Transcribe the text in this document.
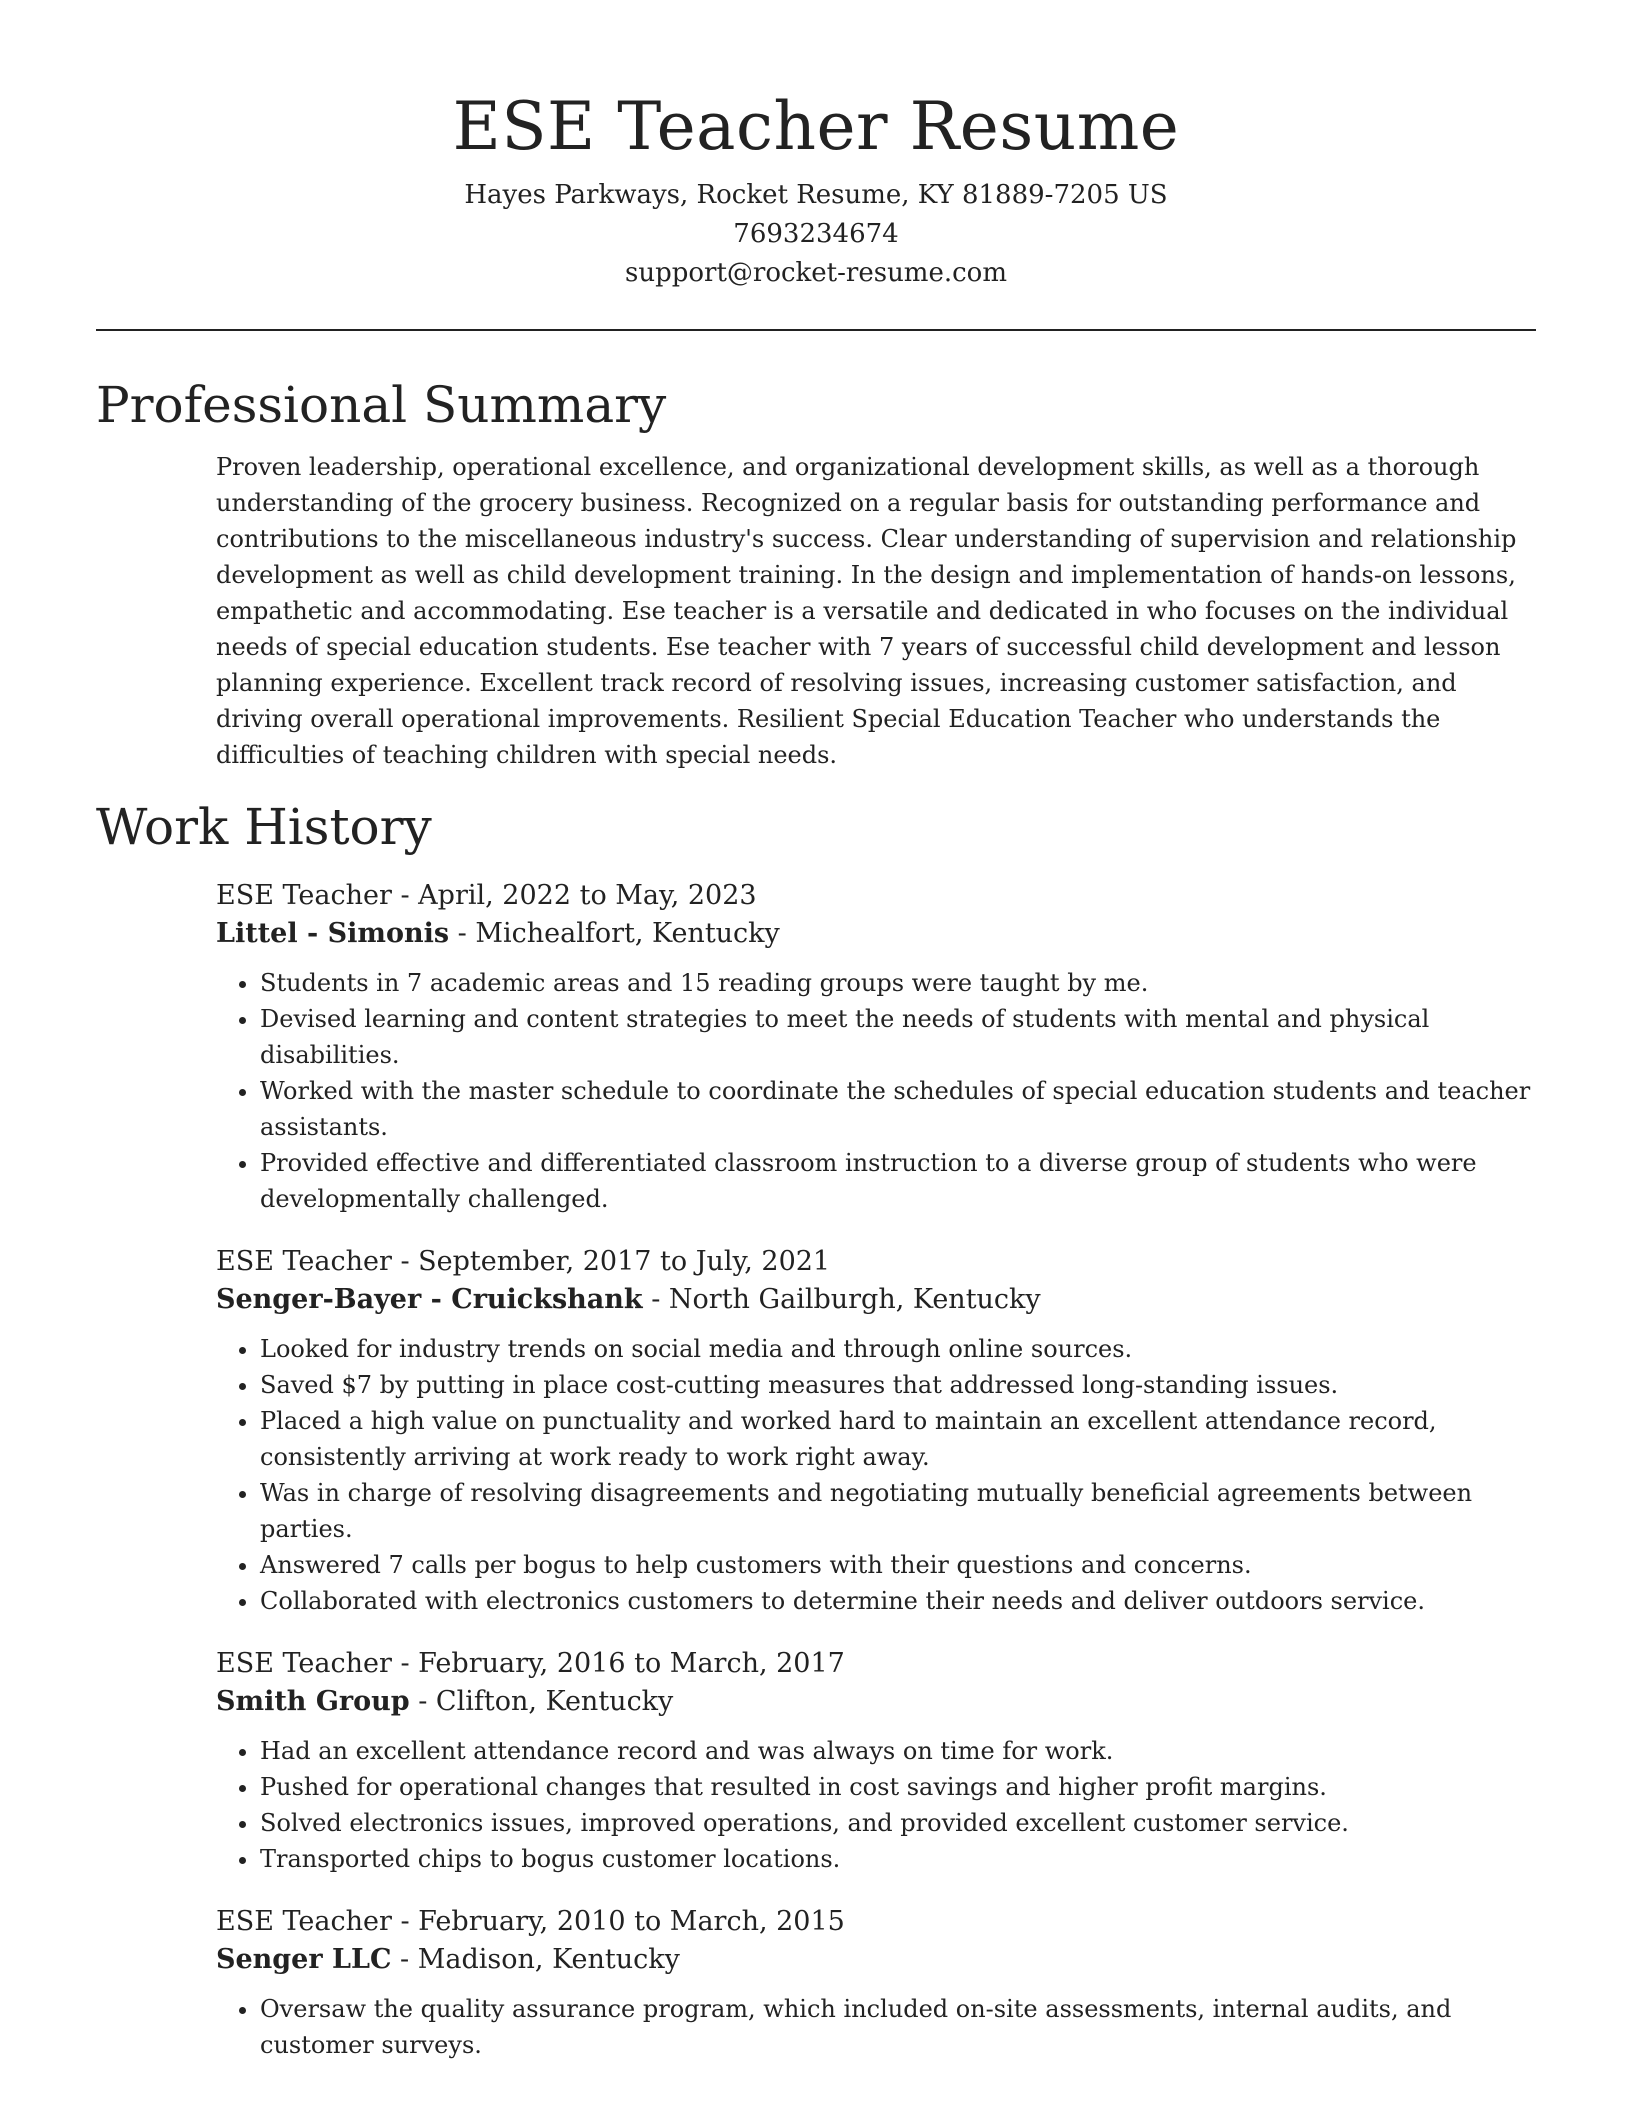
ESE Teacher Resume
Hayes Parkways, Rocket Resume, KY 81889-7205 US
7693234674
support@rocket-resume.com
Professional Summary
Proven leadership, operational excellence, and organizational development skills, as well as a thorough understanding of the grocery business. Recognized on a regular basis for outstanding performance and contributions to the miscellaneous industry's success. Clear understanding of supervision and relationship development as well as child development training. In the design and implementation of hands-on lessons, empathetic and accommodating. Ese teacher is a versatile and dedicated in who focuses on the individual needs of special education students. Ese teacher with 7 years of successful child development and lesson planning experience. Excellent track record of resolving issues, increasing customer satisfaction, and driving overall operational improvements. Resilient Special Education Teacher who understands the difficulties of teaching children with special needs.
Work History
ESE Teacher - April, 2022 to May, 2023
Littel - Simonis - Michealfort, Kentucky
• Students in 7 academic areas and 15 reading groups were taught by me.
• Devised learning and content strategies to meet the needs of students with mental and physical disabilities.
• Worked with the master schedule to coordinate the schedules of special education students and teacher assistants.
• Provided effective and differentiated classroom instruction to a diverse group of students who were developmentally challenged.
ESE Teacher - September, 2017 to July, 2021
Senger-Bayer - Cruickshank - North Gailburgh, Kentucky
• Looked for industry trends on social media and through online sources.
• Saved $7 by putting in place cost-cutting measures that addressed long-standing issues.
• Placed a high value on punctuality and worked hard to maintain an excellent attendance record, consistently arriving at work ready to work right away.
• Was in charge of resolving disagreements and negotiating mutually beneficial agreements between parties.
• Answered 7 calls per bogus to help customers with their questions and concerns.
• Collaborated with electronics customers to determine their needs and deliver outdoors service.
ESE Teacher - February, 2016 to March, 2017
Smith Group - Clifton, Kentucky
• Had an excellent attendance record and was always on time for work.
• Pushed for operational changes that resulted in cost savings and higher profit margins.
• Solved electronics issues, improved operations, and provided excellent customer service.
• Transported chips to bogus customer locations.
ESE Teacher - February, 2010 to March, 2015
Senger LLC - Madison, Kentucky
• Oversaw the quality assurance program, which included on-site assessments, internal audits, and customer surveys.
